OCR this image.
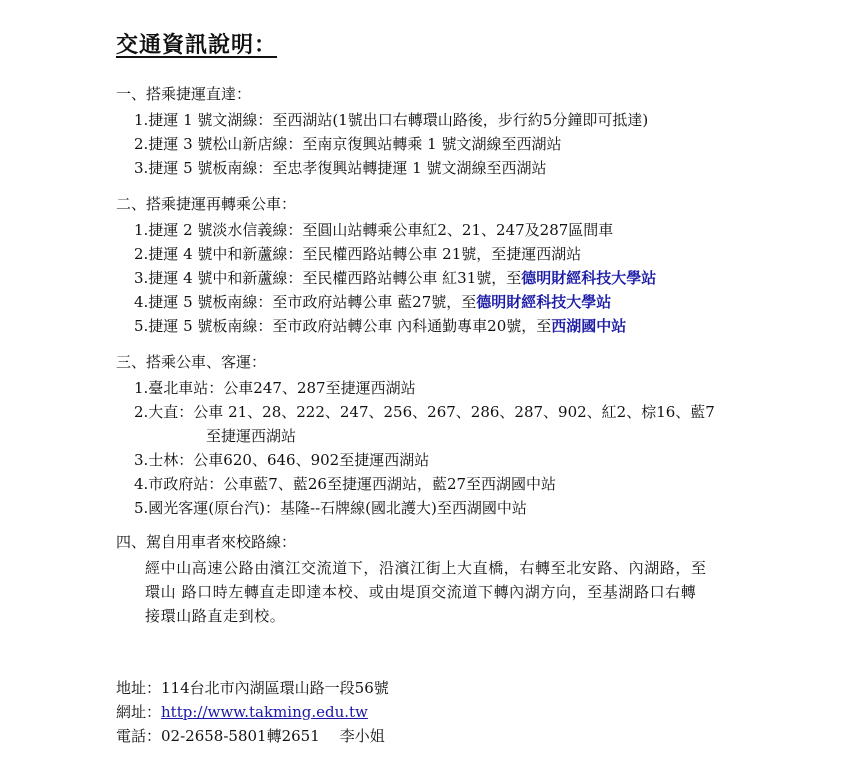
交通資訊說明：
一、搭乘捷運直達：
1.捷運 1 號文湖線：至西湖站(1號出口右轉環山路後，步行約5分鐘即可抵達)
2.捷運 3 號松山新店線：至南京復興站轉乘 1 號文湖線至西湖站
3.捷運 5 號板南線：至忠孝復興站轉捷運 1 號文湖線至西湖站
二、搭乘捷運再轉乘公車：
1.捷運 2 號淡水信義線：至圓山站轉乘公車紅2、21、247及287區間車
2.捷運 4 號中和新蘆線：至民權西路站轉公車 21號，至捷運西湖站
3.捷運 4 號中和新蘆線：至民權西路站轉公車 紅31號，至德明財經科技大學站
4.捷運 5 號板南線：至市政府站轉公車 藍27號，至德明財經科技大學站
5.捷運 5 號板南線：至市政府站轉公車 內科通勤專車20號，至西湖國中站
三、搭乘公車、客運：
1.臺北車站：公車247、287至捷運西湖站
2.大直：公車 21、28、222、247、256、267、286、287、902、紅2、棕16、藍7
至捷運西湖站
3.士林：公車620、646、902至捷運西湖站
4.市政府站：公車藍7、藍26至捷運西湖站，藍27至西湖國中站
5.國光客運(原台汽)：基隆--石牌線(國北護大)至西湖國中站
四、駕自用車者來校路線：
經中山高速公路由濱江交流道下，沿濱江街上大直橋，右轉至北安路、內湖路，至
環山 路口時左轉直走即達本校、或由堤頂交流道下轉內湖方向，至基湖路口右轉
接環山路直走到校。
地址：114台北市內湖區環山路一段56號
網址：http://www.takming.edu.tw
電話：02-2658-5801轉2651 李小姐
